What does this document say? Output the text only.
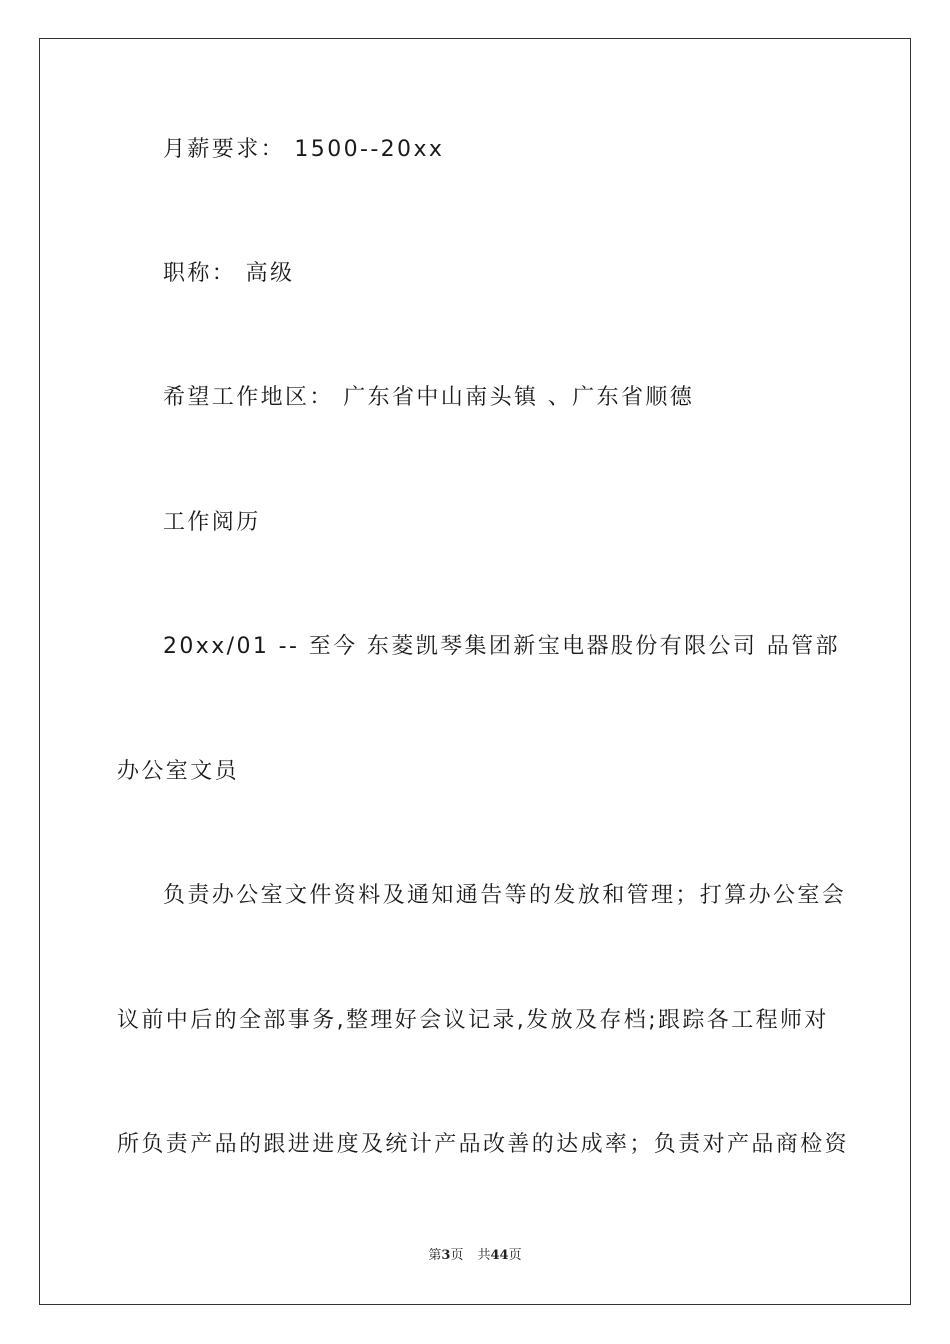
月薪要求： 1500--20xx
职称： 高级
希望工作地区： 广东省中山南头镇 、广东省顺德
工作阅历
20xx/01 -- 至今 东菱凯琴集团新宝电器股份有限公司 品管部
办公室文员
负责办公室文件资料及通知通告等的发放和管理；打算办公室会
议前中后的全部事务,整理好会议记录,发放及存档;跟踪各工程师对
所负责产品的跟进进度及统计产品改善的达成率；负责对产品商检资
第3页 共44页
